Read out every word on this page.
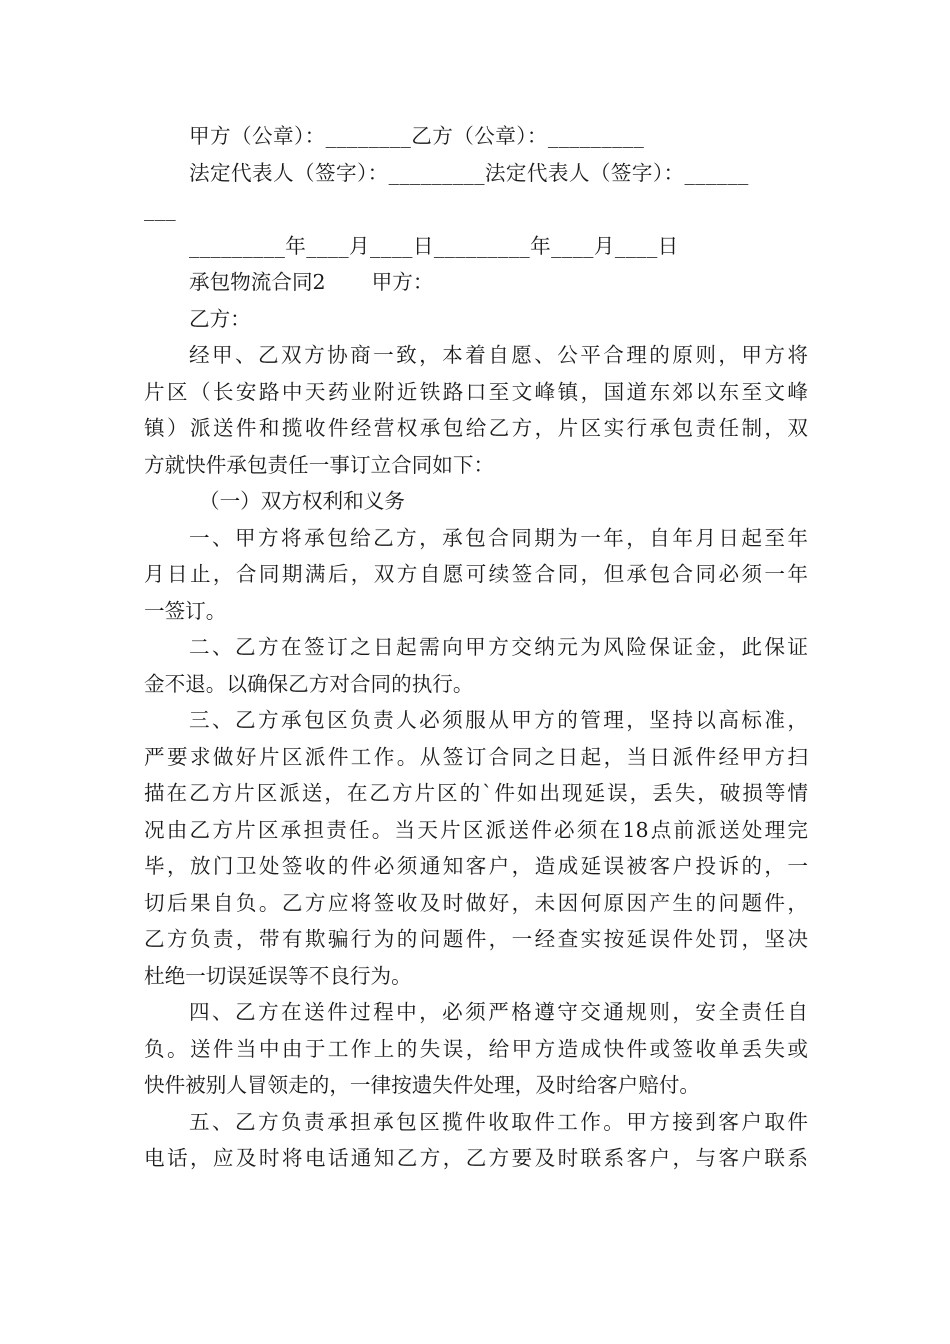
甲方（公章）：________乙方（公章）：_________
法定代表人（签字）：_________法定代表人（签字）：______
___
_________年____月____日_________年____月____日
承包物流合同2 甲方：
乙方：
经甲、乙双方协商一致，本着自愿、公平合理的原则，甲方将
片区（长安路中天药业附近铁路口至文峰镇，国道东郊以东至文峰
镇）派送件和揽收件经营权承包给乙方，片区实行承包责任制，双
方就快件承包责任一事订立合同如下：
（一）双方权利和义务
一、甲方将承包给乙方，承包合同期为一年，自年月日起至年
月日止，合同期满后，双方自愿可续签合同，但承包合同必须一年
一签订。
二、乙方在签订之日起需向甲方交纳元为风险保证金，此保证
金不退。以确保乙方对合同的执行。
三、乙方承包区负责人必须服从甲方的管理，坚持以高标准，
严要求做好片区派件工作。从签订合同之日起，当日派件经甲方扫
描在乙方片区派送，在乙方片区的`件如出现延误，丢失，破损等情
况由乙方片区承担责任。当天片区派送件必须在18点前派送处理完
毕，放门卫处签收的件必须通知客户，造成延误被客户投诉的，一
切后果自负。乙方应将签收及时做好，未因何原因产生的问题件，
乙方负责，带有欺骗行为的问题件，一经查实按延误件处罚，坚决
杜绝一切误延误等不良行为。
四、乙方在送件过程中，必须严格遵守交通规则，安全责任自
负。送件当中由于工作上的失误，给甲方造成快件或签收单丢失或
快件被别人冒领走的，一律按遗失件处理，及时给客户赔付。
五、乙方负责承担承包区揽件收取件工作。甲方接到客户取件
电话，应及时将电话通知乙方，乙方要及时联系客户，与客户联系
